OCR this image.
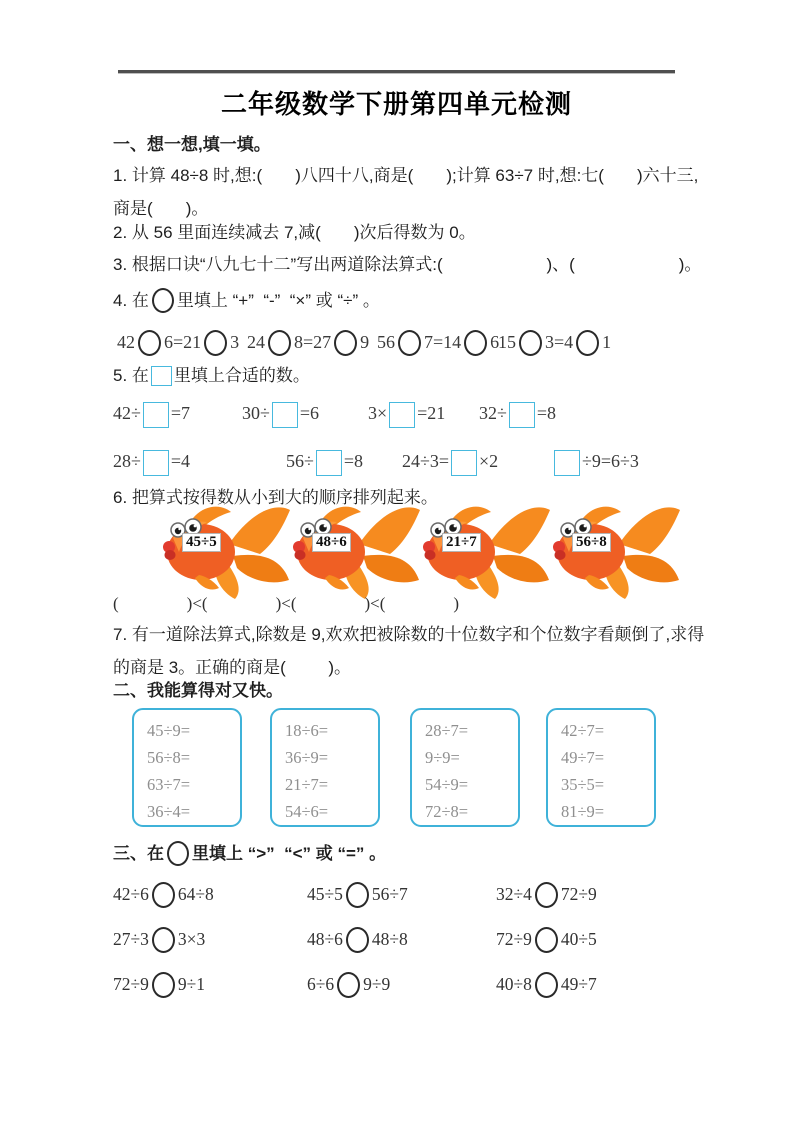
二年级数学下册第四单元检测
一、想一想,填一填。
1. 计算 48÷8 时,想:(       )八四十八,商是(       );计算 63÷7 时,想:七(       )六十三,
商是(       )。
2. 从 56 里面连续减去 7,减(       )次后得数为 0。
3. 根据口诀“八九七十二”写出两道除法算式:(                      )、(                      )。
4. 在 里填上 “+”  “-”  “×” 或 “÷” 。
42 6=21 3 24 8=27 9 56 7=14 6
15 3=4 1
5. 在 里填上合适的数。
42÷ =7	30÷ =6	3× =21 32÷ =8
28÷ =4	56÷ =8 24÷3= ×2	÷9=6÷3
6. 把算式按得数从小到大的顺序排列起来。
45÷5	48÷6	21÷7	56÷8
(                )<(                )<(                )<(                )
7. 有一道除法算式,除数是 9,欢欢把被除数的十位数字和个位数字看颠倒了,求得
的商是 3。正确的商是(         )。
二、我能算得对又快。
45÷9=
56÷8=
63÷7=
36÷4=
18÷6=
36÷9=
21÷7=
54÷6=
28÷7=
9÷9=
54÷9=
72÷8=
42÷7=
49÷7=
35÷5=
81÷9=
三、在 里填上 “>”  “<” 或 “=” 。
42÷6 64÷8	45÷5 56÷7	32÷4 72÷9
27÷3 3×3	48÷6 48÷8	72÷9 40÷5
72÷9 9÷1	6÷6 9÷9	40÷8 49÷7
